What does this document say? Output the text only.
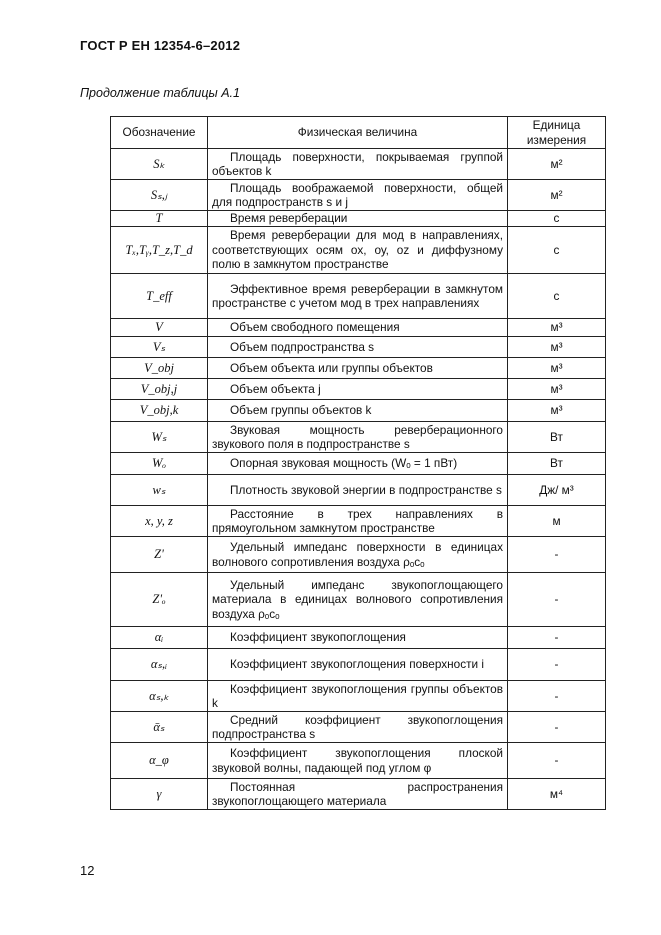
ГОСТ Р ЕН 12354-6–2012
Продолжение таблицы А.1
Обозначение	Физическая величина	Единица измерения
Sₖ	Площадь поверхности, покрываемая группой объектов k	м²
Sₛ,ⱼ	Площадь воображаемой поверхности, общей для подпространств s и j	м²
T	Время реверберации	с
Tₓ,Tᵧ,T_z,T_d	Время реверберации для мод в направлениях, соответствующих осям ох, оу, оz и диффузному полю в замкнутом пространстве	с
T_eff	Эффективное время реверберации в замкнутом пространстве с учетом мод в трех направлениях	с
V	Объем свободного помещения	м³
Vₛ	Объем подпространства s	м³
V_obj	Объем объекта или группы объектов	м³
V_obj,j	Объем объекта j	м³
V_obj,k	Объем группы объектов k	м³
Wₛ	Звуковая мощность реверберационного звукового поля в подпространстве s	Вт
Wₒ	Опорная звуковая мощность (Wₒ = 1 пВт)	Вт
wₛ	Плотность звуковой энергии в подпространстве s	Дж/ м³
x, y, z	Расстояние в трех направлениях в прямоугольном замкнутом пространстве	м
Z'	Удельный импеданс поверхности в единицах волнового сопротивления воздуха ρₒcₒ	-
Z'ₒ	Удельный импеданс звукопоглощающего материала в единицах волнового сопротивления воздуха ρₒcₒ	-
αᵢ	Коэффициент звукопоглощения	-
αₛ,ᵢ	Коэффициент звукопоглощения поверхности i	-
αₛ,ₖ	Коэффициент звукопоглощения группы объектов k	-
ᾱₛ	Средний коэффициент звукопоглощения подпространства s	-
α_φ	Коэффициент звукопоглощения плоской звуковой волны, падающей под углом φ	-
γ	Постоянная распространения звукопоглощающего материала	м⁴
12
